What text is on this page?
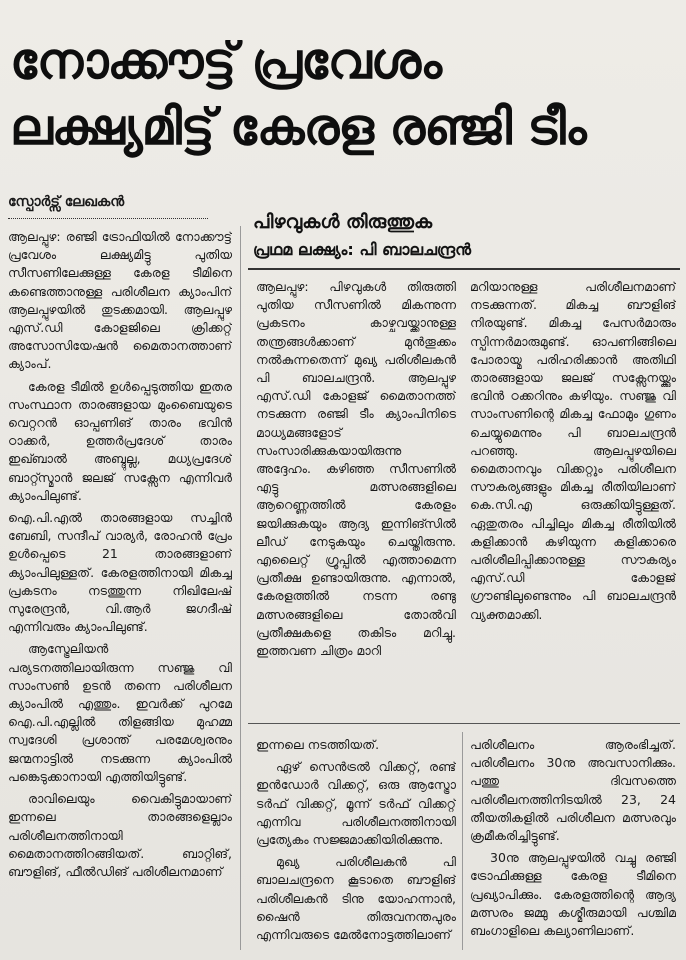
നോക്കൗട്ട് പ്രവേശം
ലക്ഷ്യമിട്ട് കേരള രഞ്ജി ടീം
സ്പോർട്സ് ലേഖകൻ

ആലപ്പുഴ: രഞ്ജി ട്രോഫിയിൽ നോക്കൗട്ട് പ്രവേശം ലക്ഷ്യമിട്ടു പുതിയ സീസണിലേക്കുള്ള കേരള ടീമിനെ കണ്ടെത്താനുള്ള പരിശീലന ക്യാംപിന് ആലപ്പുഴയിൽ തുടക്കമായി. ആലപ്പുഴ എസ്.ഡി കോളജിലെ ക്രിക്കറ്റ് അസോസിയേഷൻ മൈതാനത്താണ് ക്യാംപ്.

കേരള ടീമിൽ ഉൾപ്പെടുത്തിയ ഇതര സംസ്ഥാന താരങ്ങളായ മുംബൈയുടെ വെറ്ററൻ ഓപ്പണിങ് താരം ഭവിൻ ഠാക്കർ, ഉത്തർപ്രദേശ് താരം ഇഖ്ബാൽ അബ്ദുല്ല, മധ്യപ്രദേശ് ബാറ്റ്സ്മാൻ ജലജ് സക്സേന എന്നിവർ ക്യാംപിലുണ്ട്.

ഐ.പി.എൽ താരങ്ങളായ സച്ചിൻ ബേബി, സന്ദീപ് വാര്യർ, രോഹൻ പ്രേം ഉൾപ്പെടെ 21 താരങ്ങളാണ് ക്യാംപിലുള്ളത്. കേരളത്തിനായി മികച്ച പ്രകടനം നടത്തുന്ന നിഖിലേഷ് സുരേന്ദ്രൻ, വി.ആർ ജഗദീഷ് എന്നിവരും ക്യാംപിലുണ്ട്.

ആസ്ട്രേലിയൻ പര്യടനത്തിലായിരുന്ന സഞ്ജു വി സാംസൺ ഉടൻ തന്നെ പരിശീലന ക്യാംപിൽ എത്തും. ഇവർക്ക് പുറമേ ഐ.പി.എല്ലിൽ തിളങ്ങിയ മുഹമ്മ സ്വദേശി പ്രശാന്ത് പരമേശ്വരനും ജന്മനാട്ടിൽ നടക്കുന്ന ക്യാംപിൽ പങ്കെടുക്കാനായി എത്തിയിട്ടുണ്ട്.

രാവിലെയും വൈകിട്ടുമായാണ് ഇന്നലെ താരങ്ങളെല്ലാം പരിശീലനത്തിനായി മൈതാനത്തിറങ്ങിയത്. ബാറ്റിങ്, ബൗളിങ്, ഫീൽഡിങ് പരിശീലനമാണ്

പിഴവുകൾ തിരുത്തുക
പ്രഥമ ലക്ഷ്യം: പി ബാലചന്ദ്രൻ

ആലപ്പുഴ: പിഴവുകൾ തിരുത്തി പുതിയ സീസണിൽ മികന്നുന്ന പ്രകടനം കാഴ്ചവയ്ക്കാനുള്ള തന്ത്രങ്ങൾക്കാണ് മുൻതൂക്കം നൽകുന്നതെന്ന് മുഖ്യ പരിശീലകൻ പി ബാലചന്ദ്രൻ. ആലപ്പുഴ എസ്.ഡി കോളജ് മൈതാനത്ത് നടക്കുന്ന രഞ്ജി ടീം ക്യാംപിനിടെ മാധ്യമങ്ങളോട് സംസാരിക്കുകയായിരുന്നു അദ്ദേഹം. കഴിഞ്ഞ സീസണിൽ എട്ടു മത്സരങ്ങളിലെ ആറെണ്ണത്തിൽ കേരളം ജയിക്കുകയും ആദ്യ ഇന്നിങ്സിൽ ലീഡ് നേടുകയും ചെയ്തിരുന്നു. എലൈറ്റ് ഗ്രൂപ്പിൽ എത്താമെന്ന പ്രതീക്ഷ ഉണ്ടായിരുന്നു. എന്നാൽ, കേരളത്തിൽ നടന്ന രണ്ടു മത്സരങ്ങളിലെ തോൽവി പ്രതീക്ഷകളെ തകിടം മറിച്ചു. ഇത്തവണ ചിത്രം മാറി

മറിയാനുള്ള പരിശീലനമാണ് നടക്കുന്നത്. മികച്ച ബൗളിങ് നിരയുണ്ട്. മികച്ച പേസർമാരും സ്പിന്നർമാരുമുണ്ട്. ഓപണിങ്ങിലെ പോരായ്മ പരിഹരിക്കാൻ അതിഥി താരങ്ങളായ ജലജ് സക്സേനയ്ക്കും ഭവിൻ ഠക്കറിനും കഴിയും. സഞ്ജു വി സാംസണിന്റെ മികച്ച ഫോമും ഗുണം ചെയ്യുമെന്നും പി ബാലചന്ദ്രൻ പറഞ്ഞു. ആലപ്പുഴയിലെ മൈതാനവും വിക്കറ്റും പരിശീലന സൗകര്യങ്ങളും മികച്ച രീതിയിലാണ് കെ.സി.എ ഒരുക്കിയിട്ടുള്ളത്. ഏതുതരം പിച്ചിലും മികച്ച രീതിയിൽ കളിക്കാൻ കഴിയുന്ന കളിക്കാരെ പരിശീലിപ്പിക്കാനുള്ള സൗകര്യം എസ്.ഡി കോളജ് ഗ്രൗണ്ടിലുണ്ടെന്നും പി ബാലചന്ദ്രൻ വ്യക്തമാക്കി.

ഇന്നലെ നടത്തിയത്.

ഏഴ് സെൻട്രൽ വിക്കറ്റ്, രണ്ട് ഇൻഡോർ വിക്കറ്റ്, ഒരു ആസ്ട്രോ ടർഫ് വിക്കറ്റ്, മൂന്ന് ടർഫ് വിക്കറ്റ് എന്നിവ പരിശീലനത്തിനായി പ്രത്യേകം സജ്ജമാക്കിയിരിക്കുന്നു.

മുഖ്യ പരിശീലകൻ പി ബാലചന്ദ്രനെ കൂടാതെ ബൗളിങ് പരിശീലകൻ ടിനു യോഹന്നാൻ, ഷൈൻ തിരുവനന്തപുരം എന്നിവരുടെ മേൽനോട്ടത്തിലാണ്

പരിശീലനം ആരംഭിച്ചത്. പരിശീലനം 30നു അവസാനിക്കും. പത്തു ദിവസത്തെ പരിശീലനത്തിനിടയിൽ 23, 24 തീയതികളിൽ പരിശീലന മത്സരവും ക്രമീകരിച്ചിട്ടുണ്ട്.

30നു ആലപ്പുഴയിൽ വച്ചു രഞ്ജി ട്രോഫിക്കുള്ള കേരള ടീമിനെ പ്രഖ്യാപിക്കും. കേരളത്തിന്റെ ആദ്യ മത്സരം ജമ്മു കശ്മീരുമായി പശ്ചിമ ബംഗാളിലെ കല്യാണിലാണ്.
